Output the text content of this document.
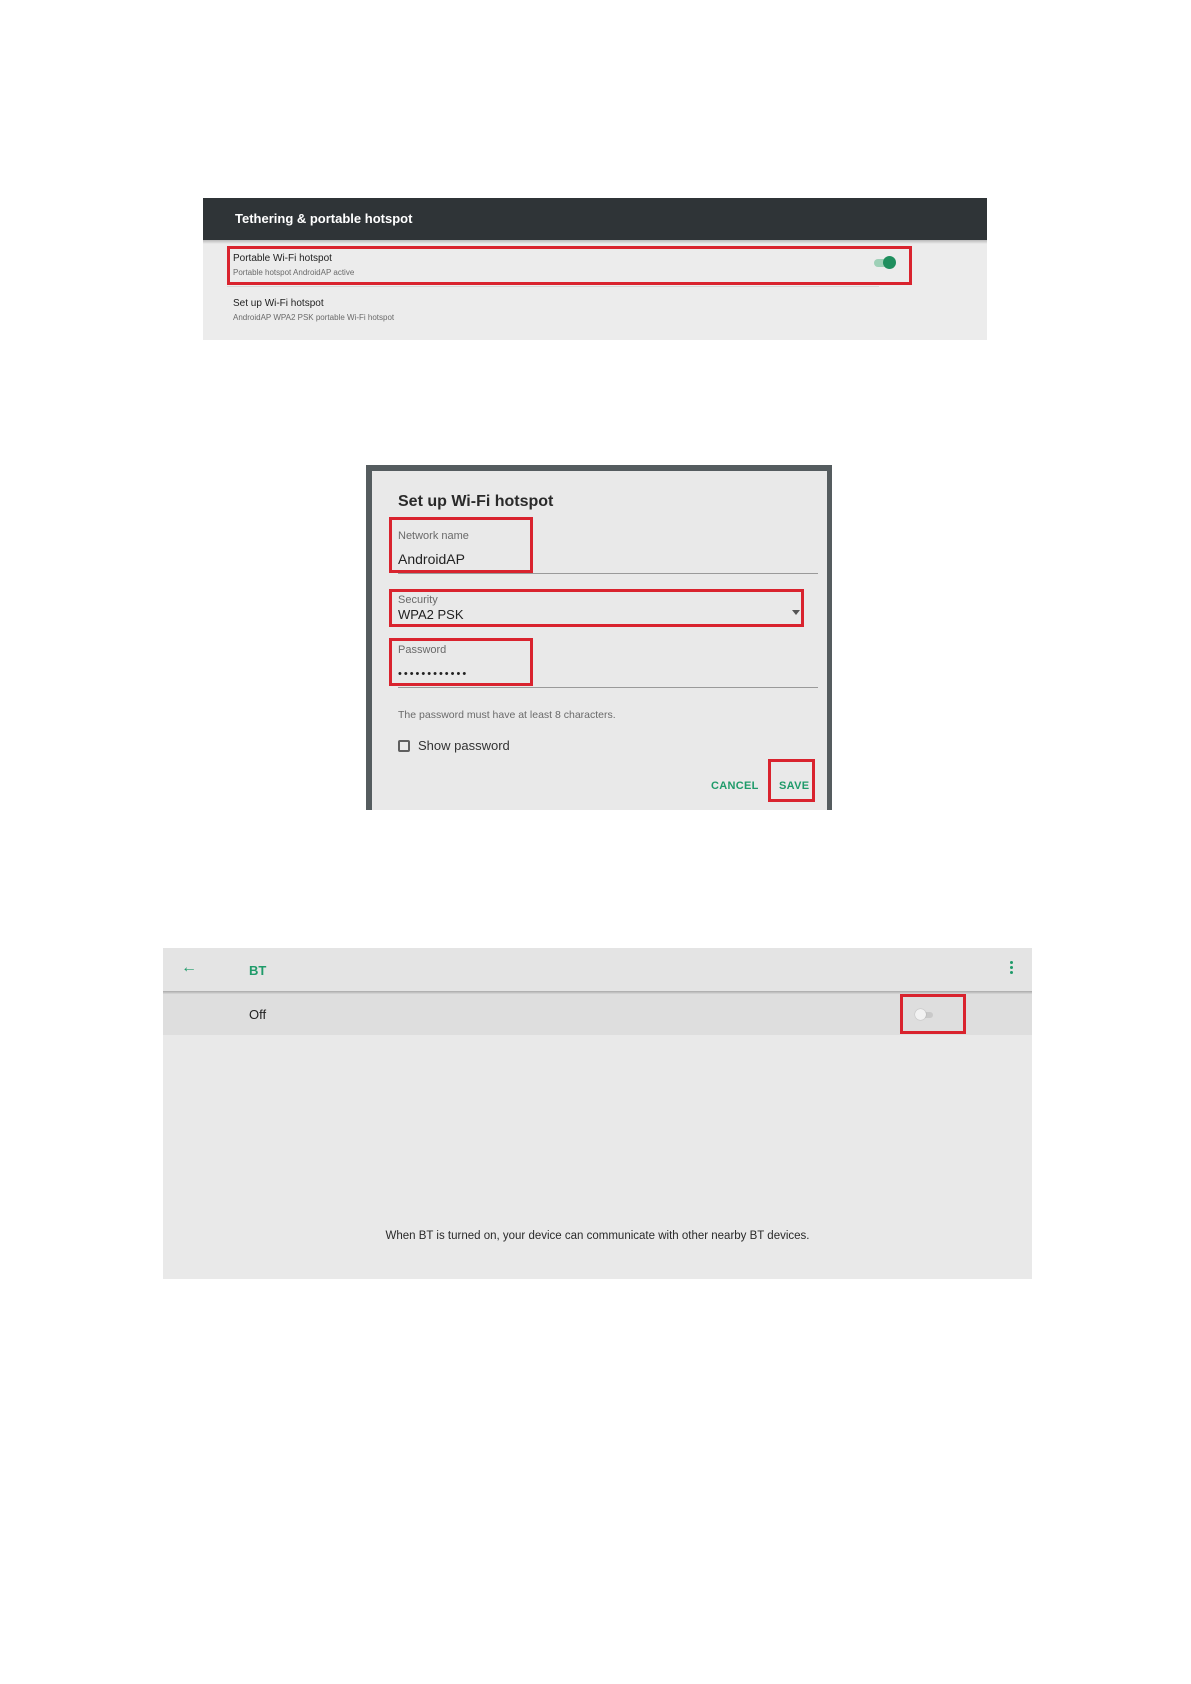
Tethering & portable hotspot
Portable Wi-Fi hotspot
Portable hotspot AndroidAP active
Set up Wi-Fi hotspot
AndroidAP WPA2 PSK portable Wi-Fi hotspot
Set up Wi-Fi hotspot
Network name
AndroidAP
Security
WPA2 PSK
Password
••••••••••••
The password must have at least 8 characters.
Show password
CANCEL SAVE
←	BT
Off
When BT is turned on, your device can communicate with other nearby BT devices.
